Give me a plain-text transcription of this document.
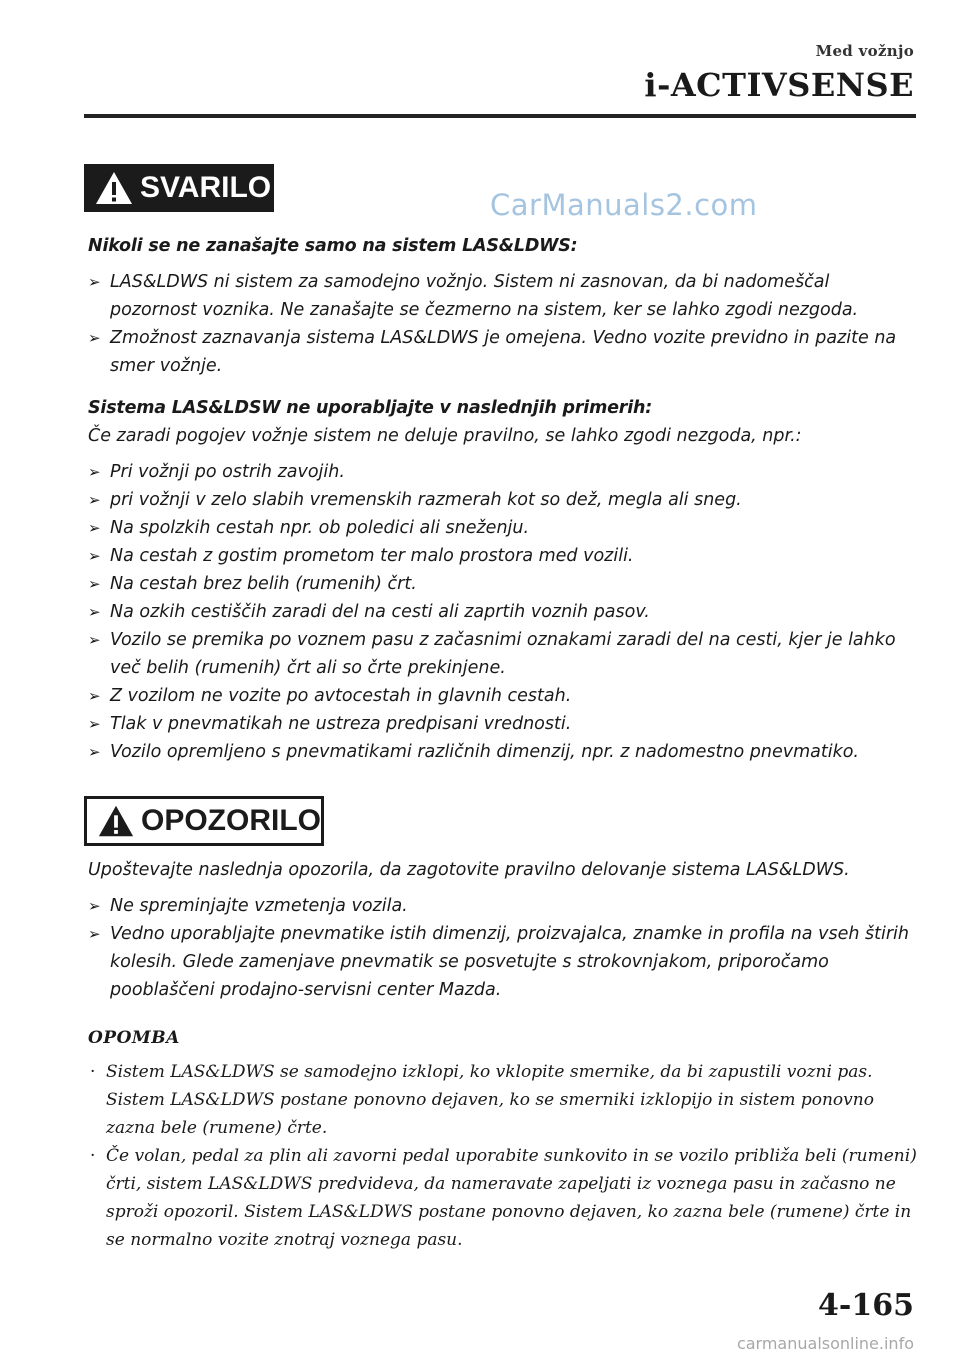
Med vožnjo
i-ACTIVSENSE
SVARILO
CarManuals2.com

Nikoli se ne zanašajte samo na sistem LAS&LDWS:

➢ LAS&LDWS ni sistem za samodejno vožnjo. Sistem ni zasnovan, da bi nadomeščal pozornost voznika. Ne zanašajte se čezmerno na sistem, ker se lahko zgodi nezgoda.
➢ Zmožnost zaznavanja sistema LAS&LDWS je omejena. Vedno vozite previdno in pazite na smer vožnje.

Sistema LAS&LDSW ne uporabljajte v naslednjih primerih:

Če zaradi pogojev vožnje sistem ne deluje pravilno, se lahko zgodi nezgoda, npr.:

➢ Pri vožnji po ostrih zavojih.
➢ pri vožnji v zelo slabih vremenskih razmerah kot so dež, megla ali sneg.
➢ Na spolzkih cestah npr. ob poledici ali sneženju.
➢ Na cestah z gostim prometom ter malo prostora med vozili.
➢ Na cestah brez belih (rumenih) črt.
➢ Na ozkih cestiščih zaradi del na cesti ali zaprtih voznih pasov.
➢ Vozilo se premika po voznem pasu z začasnimi oznakami zaradi del na cesti, kjer je lahko več belih (rumenih) črt ali so črte prekinjene.
➢ Z vozilom ne vozite po avtocestah in glavnih cestah.
➢ Tlak v pnevmatikah ne ustreza predpisani vrednosti.
➢ Vozilo opremljeno s pnevmatikami različnih dimenzij, npr. z nadomestno pnevmatiko.
OPOZORILO

Upoštevajte naslednja opozorila, da zagotovite pravilno delovanje sistema LAS&LDWS.

➢ Ne spreminjajte vzmetenja vozila.
➢ Vedno uporabljajte pnevmatike istih dimenzij, proizvajalca, znamke in profila na vseh štirih kolesih. Glede zamenjave pnevmatik se posvetujte s strokovnjakom, priporočamo pooblaščeni prodajno-servisni center Mazda.
OPOMBA
· Sistem LAS&LDWS se samodejno izklopi, ko vklopite smernike, da bi zapustili vozni pas. Sistem LAS&LDWS postane ponovno dejaven, ko se smerniki izklopijo in sistem ponovno zazna bele (rumene) črte.
· Če volan, pedal za plin ali zavorni pedal uporabite sunkovito in se vozilo približa beli (rumeni) črti, sistem LAS&LDWS predvideva, da nameravate zapeljati iz voznega pasu in začasno ne sproži opozoril. Sistem LAS&LDWS postane ponovno dejaven, ko zazna bele (rumene) črte in se normalno vozite znotraj voznega pasu.
4-165
carmanualsonline.info
